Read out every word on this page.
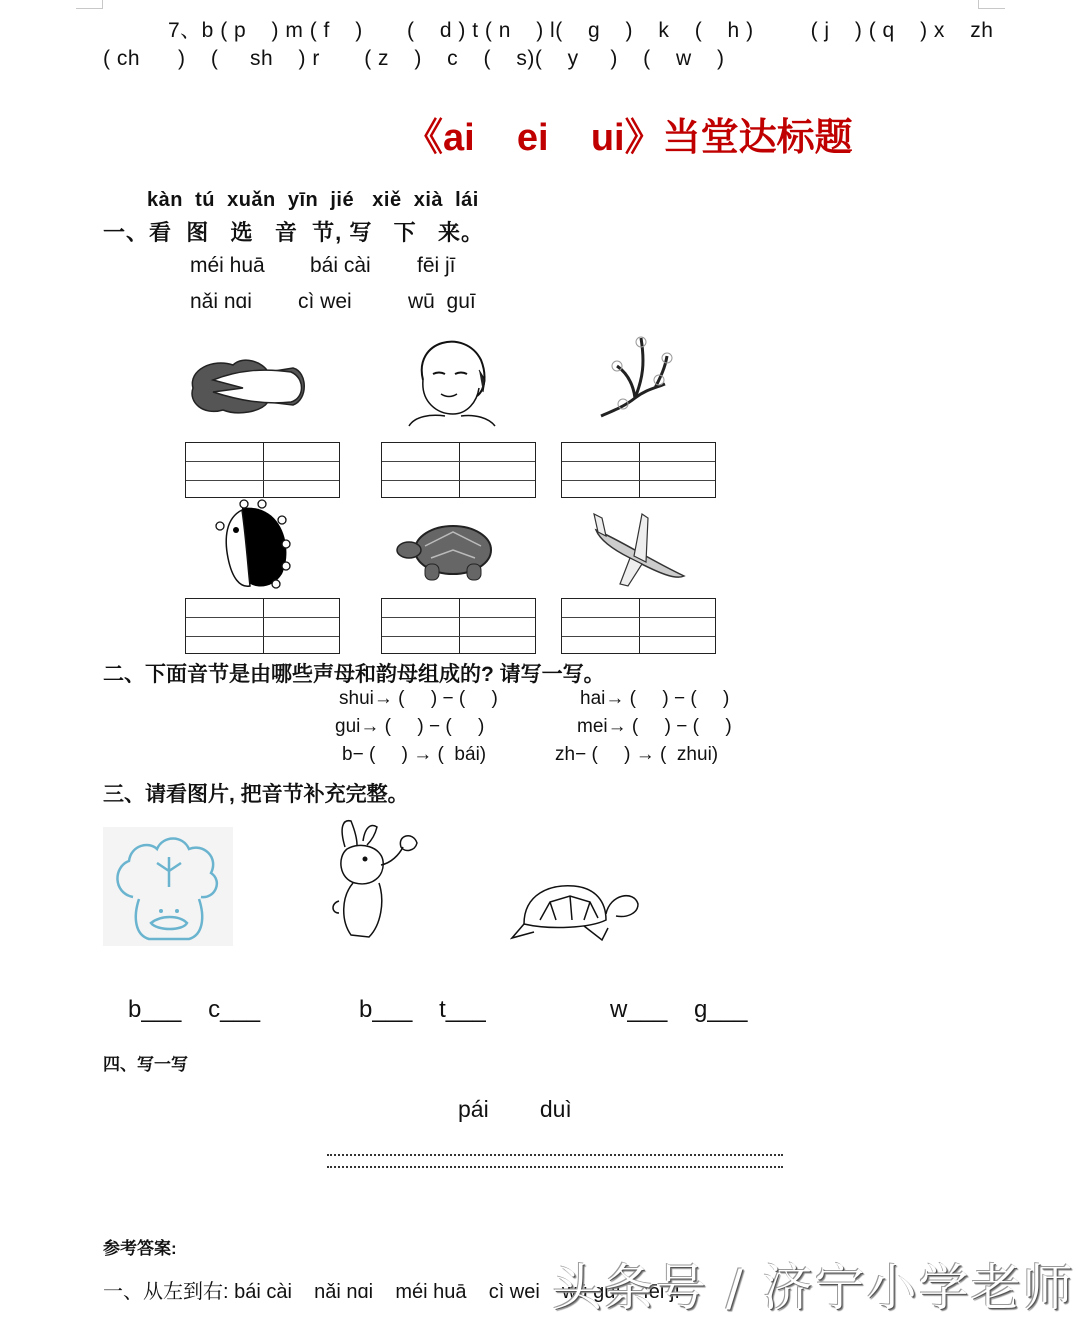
7、b ( p    ) m ( f    )       (    d ) t ( n    ) l(    g    )    k    (    h )         ( j    ) ( q    ) x    zh
( ch      )    (     sh    ) r       ( z    )    c    (    s)(    y     )    (    w    )
《ai    ei    ui》当堂达标题
kàn  tú  xuǎn  yīn  jié   xiě  xià  lái
一、看  图   选   音  节, 写   下   来。
méi huā bái cài fēi jī
nǎi nɑi cì wei	wū  guī
二、下面音节是由哪些声母和韵母组成的? 请写一写。
shui→ (     ) − (     )	hai→ (     ) − (     )
gui→ (     ) − (     )	mei→ (     ) − (     )
b− (     ) → (  bái)	zh− (     ) → (  zhui)
三、请看图片, 把音节补充完整。
b___    c___	b___    t___	w___    g___
四、写一写
pái        duì
参考答案:
一、从左到右: bái cài    nǎi nɑi    méi huā    cì wei    wū guī    fēi jī
头条号 / 济宁小学老师
